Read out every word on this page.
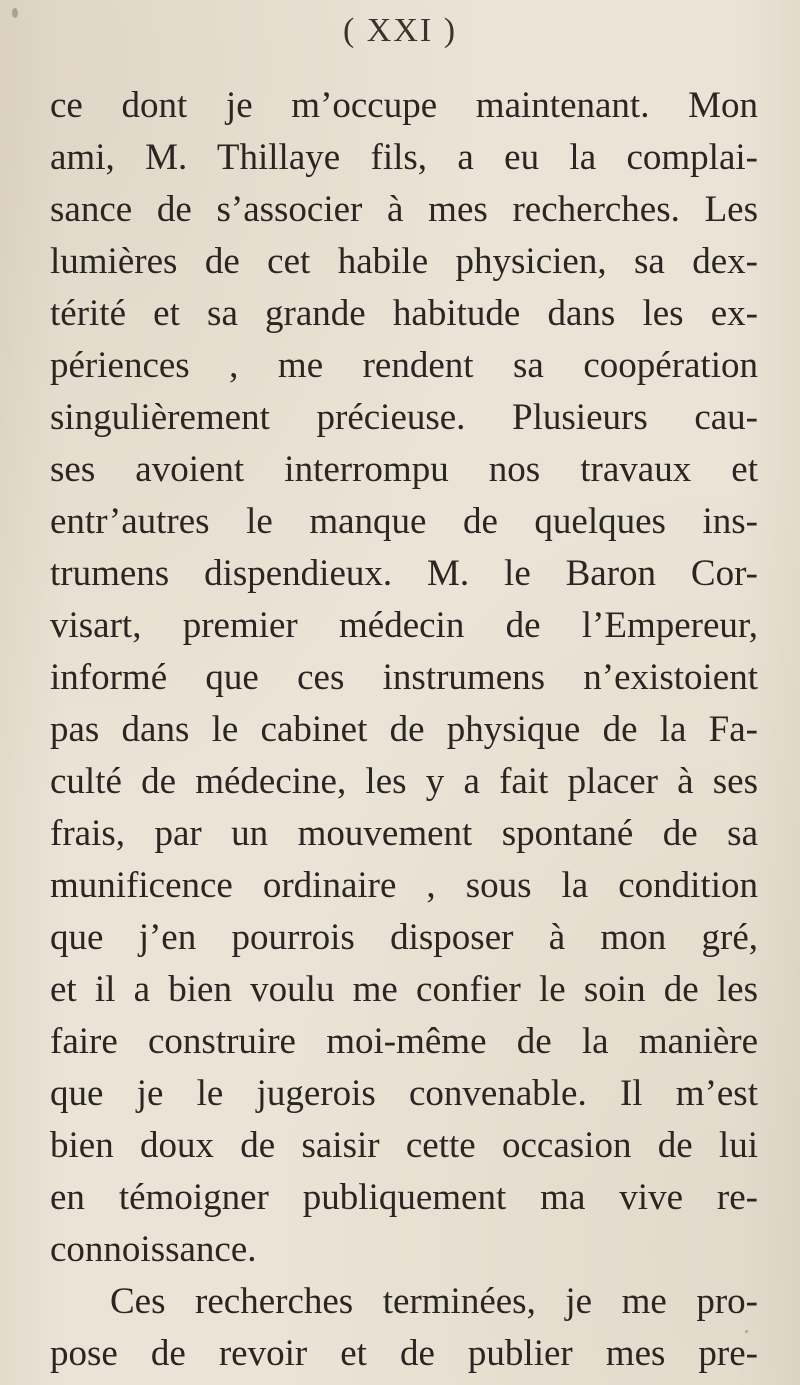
( XXI )
ce dont je m’occupe maintenant. Mon
ami, M. Thillaye fils, a eu la complai-
sance de s’associer à mes recherches. Les
lumières de cet habile physicien, sa dex-
térité et sa grande habitude dans les ex-
périences , me rendent sa coopération
singulièrement précieuse. Plusieurs cau-
ses avoient interrompu nos travaux et
entr’autres le manque de quelques ins-
trumens dispendieux. M. le Baron Cor-
visart, premier médecin de l’Empereur,
informé que ces instrumens n’existoient
pas dans le cabinet de physique de la Fa-
culté de médecine, les y a fait placer à ses
frais, par un mouvement spontané de sa
munificence ordinaire , sous la condition
que j’en pourrois disposer à mon gré,
et il a bien voulu me confier le soin de les
faire construire moi-même de la manière
que je le jugerois convenable. Il m’est
bien doux de saisir cette occasion de lui
en témoigner publiquement ma vive re-
connoissance.
Ces recherches terminées, je me pro-
pose de revoir et de publier mes pre-
